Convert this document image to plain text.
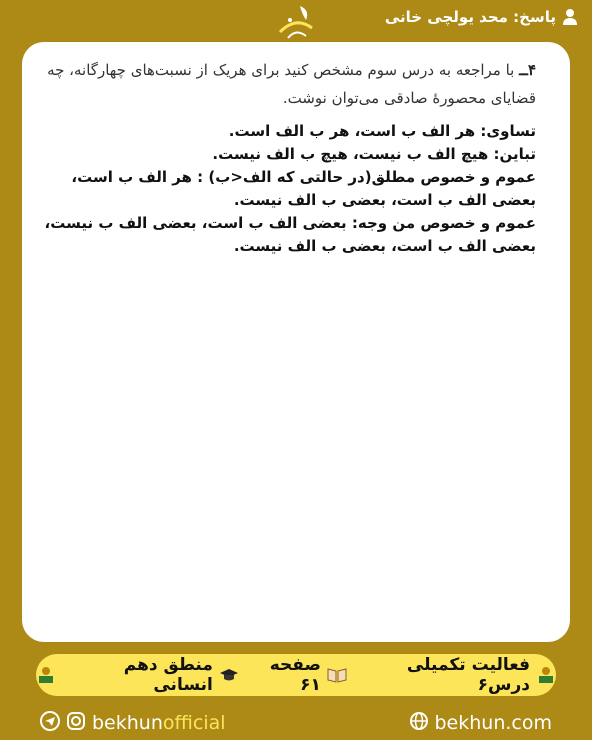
پاسخ: محد یولچی خانی
۴ــ با مراجعه به درس سوم مشخص کنید برای هریک از نسبت‌های چهارگانه، چه قضایای محصورۀ صادقی می‌توان نوشت.

تساوی: هر الف ب است، هر ب الف است.

تباین: هیچ الف ب نیست، هیچ ب الف نیست.

عموم و خصوص مطلق(در حالتی که الف<ب) : هر الف ب است، بعضی الف ب است، بعضی ب الف نیست.

عموم و خصوص من وجه: بعضی الف ب است، بعضی الف ب نیست، بعضی الف ب است، بعضی ب الف نیست.

فعالیت تکمیلی درس۶
صفحه ۶۱
منطق دهم انسانی
bekhunofficial	bekhun.com
